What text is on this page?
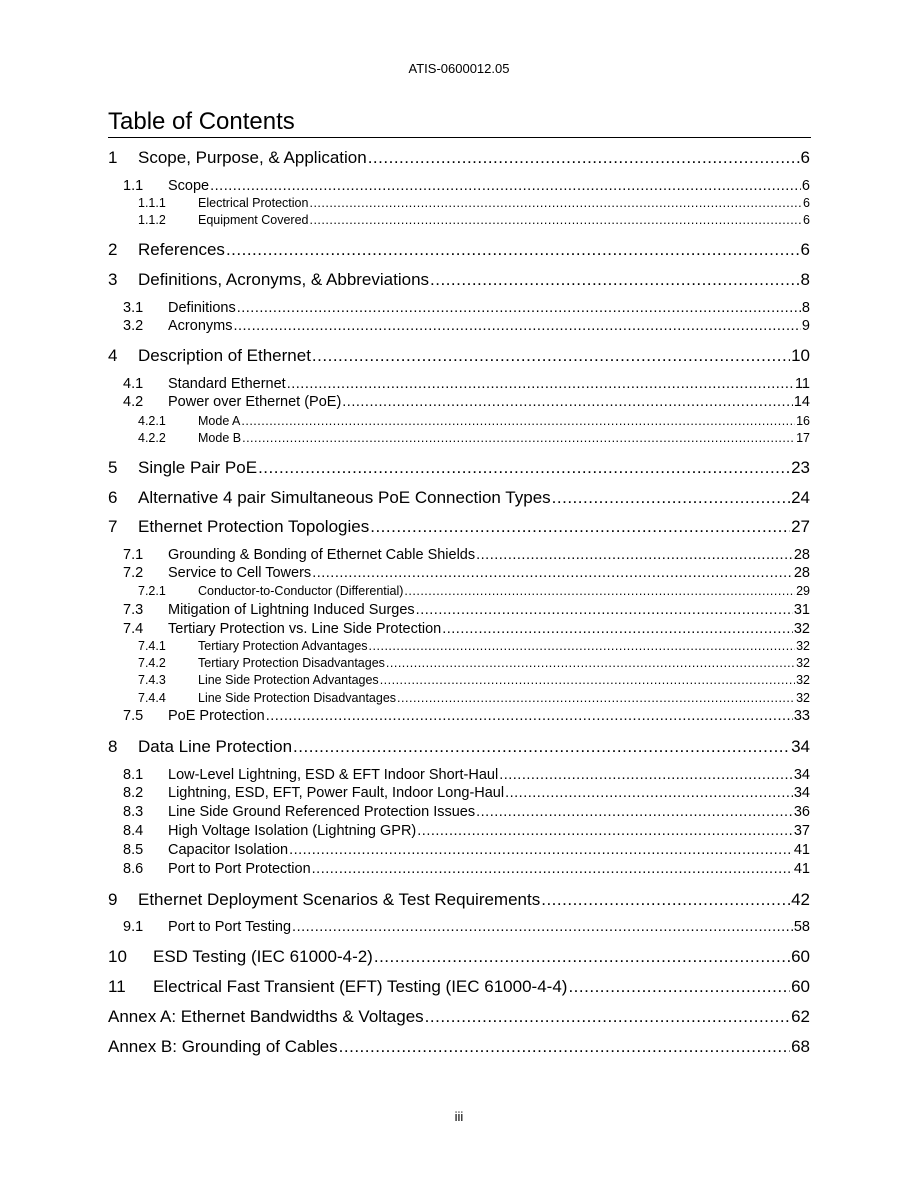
ATIS-0600012.05
Table of Contents
1	Scope, Purpose, & Application .....	6
1.1	Scope .....	6
1.1.1	Electrical Protection .....	6
1.1.2	Equipment Covered .....	6
2	References .....	6
3	Definitions, Acronyms, & Abbreviations .....	8
3.1	Definitions .....	8
3.2	Acronyms .....	9
4	Description of Ethernet .....	10
4.1	Standard Ethernet .....	11
4.2	Power over Ethernet (PoE) .....	14
4.2.1	Mode A .....	16
4.2.2	Mode B .....	17
5	Single Pair PoE .....	23
6	Alternative 4 pair Simultaneous PoE Connection Types .....	24
7	Ethernet Protection Topologies .....	27
7.1	Grounding & Bonding of Ethernet Cable Shields .....	28
7.2	Service to Cell Towers .....	28
7.2.1	Conductor-to-Conductor (Differential) .....	29
7.3	Mitigation of Lightning Induced Surges .....	31
7.4	Tertiary Protection vs. Line Side Protection .....	32
7.4.1	Tertiary Protection Advantages .....	32
7.4.2	Tertiary Protection Disadvantages .....	32
7.4.3	Line Side Protection Advantages .....	32
7.4.4	Line Side Protection Disadvantages .....	32
7.5	PoE Protection .....	33
8	Data Line Protection .....	34
8.1	Low-Level Lightning, ESD & EFT Indoor Short-Haul .....	34
8.2	Lightning, ESD, EFT, Power Fault, Indoor Long-Haul .....	34
8.3	Line Side Ground Referenced Protection Issues .....	36
8.4	High Voltage Isolation (Lightning GPR) .....	37
8.5	Capacitor Isolation .....	41
8.6	Port to Port Protection .....	41
9	Ethernet Deployment Scenarios & Test Requirements .....	42
9.1	Port to Port Testing .....	58
10	ESD Testing (IEC 61000-4-2) .....	60
11	Electrical Fast Transient (EFT) Testing (IEC 61000-4-4) .....	60
Annex A: Ethernet Bandwidths & Voltages .....	62
Annex B: Grounding of Cables .....	68
iii
